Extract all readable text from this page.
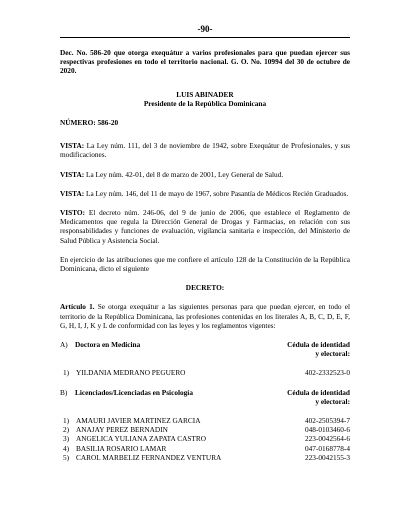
-90-

Dec. No. 586-20 que otorga exequátur a varios profesionales para que puedan ejercer sus respectivas profesiones en todo el territorio nacional. G. O. No. 10994 del 30 de octubre de 2020.

LUIS ABINADER

Presidente de la República Dominicana

NÚMERO: 586-20

VISTA: La Ley núm. 111, del 3 de noviembre de 1942, sobre Exequátur de Profesionales, y sus modificaciones.

VISTA: La Ley núm. 42-01, del 8 de marzo de 2001, Ley General de Salud.

VISTA: La Ley núm. 146, del 11 de mayo de 1967, sobre Pasantía de Médicos Recién Graduados.

VISTO: El decreto núm. 246-06, del 9 de junio de 2006, que establece el Reglamento de Medicamentos que regula la Dirección General de Drogas y Farmacias, en relación con sus responsabilidades y funciones de evaluación, vigilancia sanitaria e inspección, del Ministerio de Salud Pública y Asistencia Social.

En ejercicio de las atribuciones que me confiere el artículo 128 de la Constitución de la República Dominicana, dicto el siguiente

DECRETO:

Artículo 1. Se otorga exequátur a las siguientes personas para que puedan ejercer, en todo el territorio de la República Dominicana, las profesiones contenidas en los literales A, B, C, D, E, F, G, H, I, J, K y L de conformidad con las leyes y los reglamentos vigentes:

A) Doctora en Medicina	Cédula de identidad
y electoral:
1) YILDANIA MEDRANO PEGUERO	402-2332523-0
B)	Licenciados/Licenciadas en Psicología	Cédula de identidad
y electoral:
1) AMAURI JAVIER MARTINEZ GARCIA	402-2505394-7
2) ANAJAY PEREZ BERNADIN	048-0103460-6
3) ANGELICA YULIANA ZAPATA CASTRO	223-0042564-6
4) BASILIA ROSARIO LAMAR	047-0168778-4
5) CAROL MARBELIZ FERNANDEZ VENTURA	223-0042155-3
